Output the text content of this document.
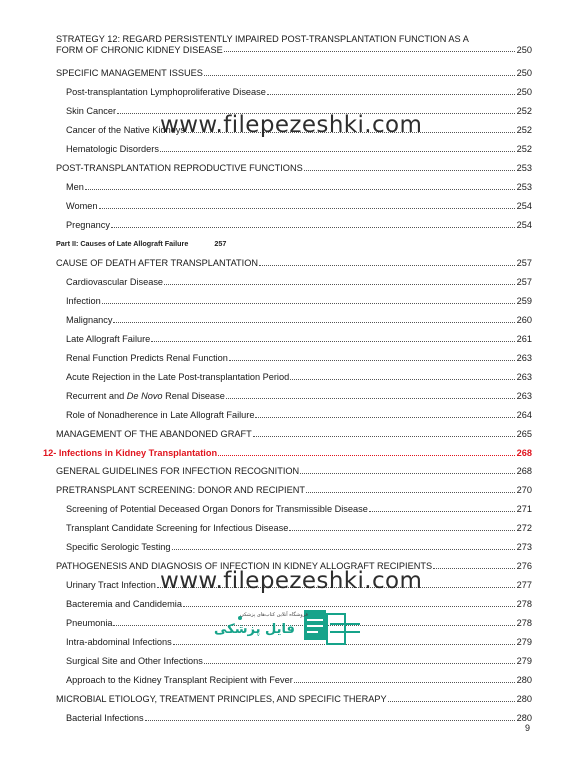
STRATEGY 12: REGARD PERSISTENTLY IMPAIRED POST-TRANSPLANTATION FUNCTION AS A
FORM OF CHRONIC KIDNEY DISEASE	250
SPECIFIC MANAGEMENT ISSUES	250
Post-transplantation Lymphoproliferative Disease	250
Skin Cancer	252
Cancer of the Native Kidneys	252
Hematologic Disorders	252
POST-TRANSPLANTATION REPRODUCTIVE FUNCTIONS	253
Men	253
Women	254
Pregnancy	254
Part II: Causes of Late Allograft Failure	257
CAUSE OF DEATH AFTER TRANSPLANTATION	257
Cardiovascular Disease	257
Infection	259
Malignancy	260
Late Allograft Failure	261
Renal Function Predicts Renal Function	263
Acute Rejection in the Late Post-transplantation Period	263
Recurrent and De Novo Renal Disease	263
Role of Nonadherence in Late Allograft Failure	264
MANAGEMENT OF THE ABANDONED GRAFT	265
12- Infections in Kidney Transplantation	268
GENERAL GUIDELINES FOR INFECTION RECOGNITION	268
PRETRANSPLANT SCREENING: DONOR AND RECIPIENT	270
Screening of Potential Deceased Organ Donors for Transmissible Disease	271
Transplant Candidate Screening for Infectious Disease	272
Specific Serologic Testing	273
PATHOGENESIS AND DIAGNOSIS OF INFECTION IN KIDNEY ALLOGRAFT RECIPIENTS	276
Urinary Tract Infection	277
Bacteremia and Candidemia	278
Pneumonia	278
Intra-abdominal Infections	279
Surgical Site and Other Infections	279
Approach to the Kidney Transplant Recipient with Fever	280
MICROBIAL ETIOLOGY, TREATMENT PRINCIPLES, AND SPECIFIC THERAPY	280
Bacterial Infections	280
www.filepezeshki.com
www.filepezeshki.com
فایل پزشکی
فروشگاه آنلاین کتاب‌های پزشکی
9
